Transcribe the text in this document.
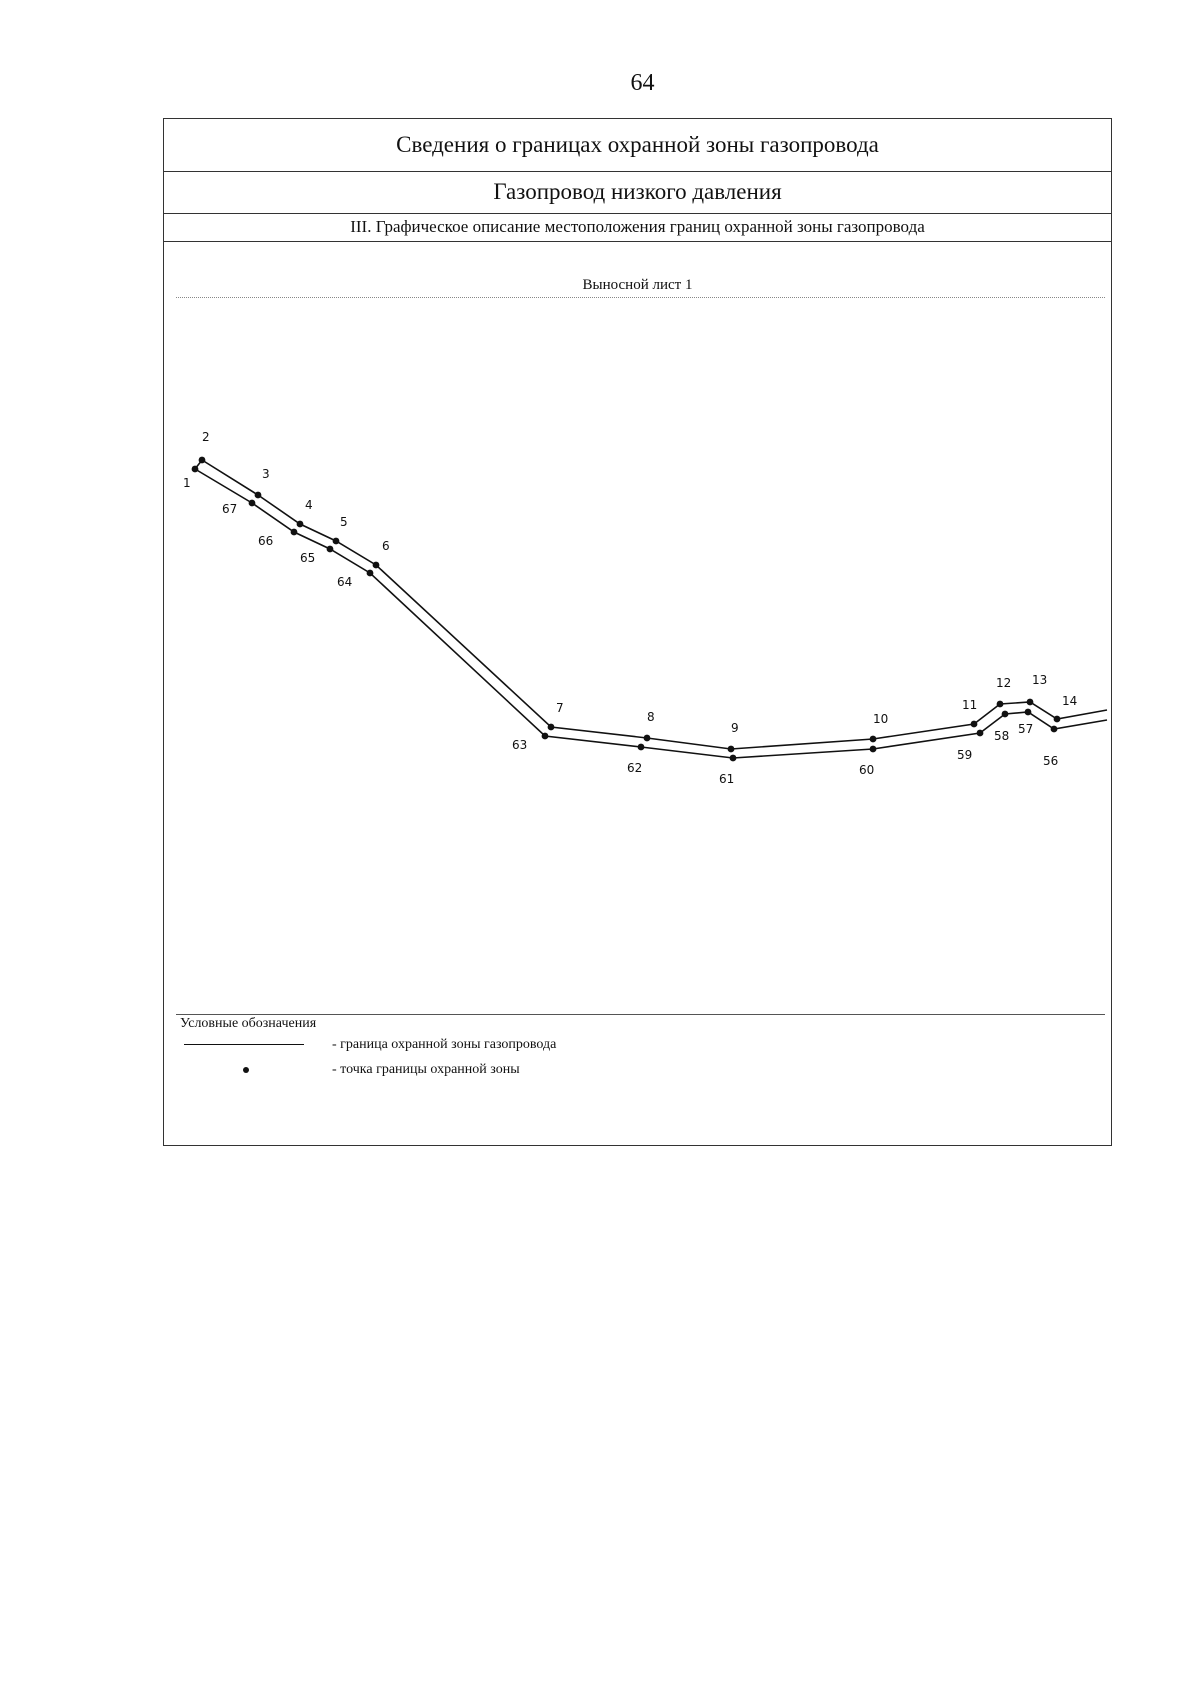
64
Сведения о границах охранной зоны газопровода
Газопровод низкого давления
III. Графическое описание местоположения границ охранной зоны газопровода
Выносной лист 1
1
2
3
4
5
6
7
8
9
10
11
12 13
14
67
66
65
64
63
62
61
60
59
58 57
56
Условные обозначения
- граница охранной зоны газопровода
- точка границы охранной зоны
